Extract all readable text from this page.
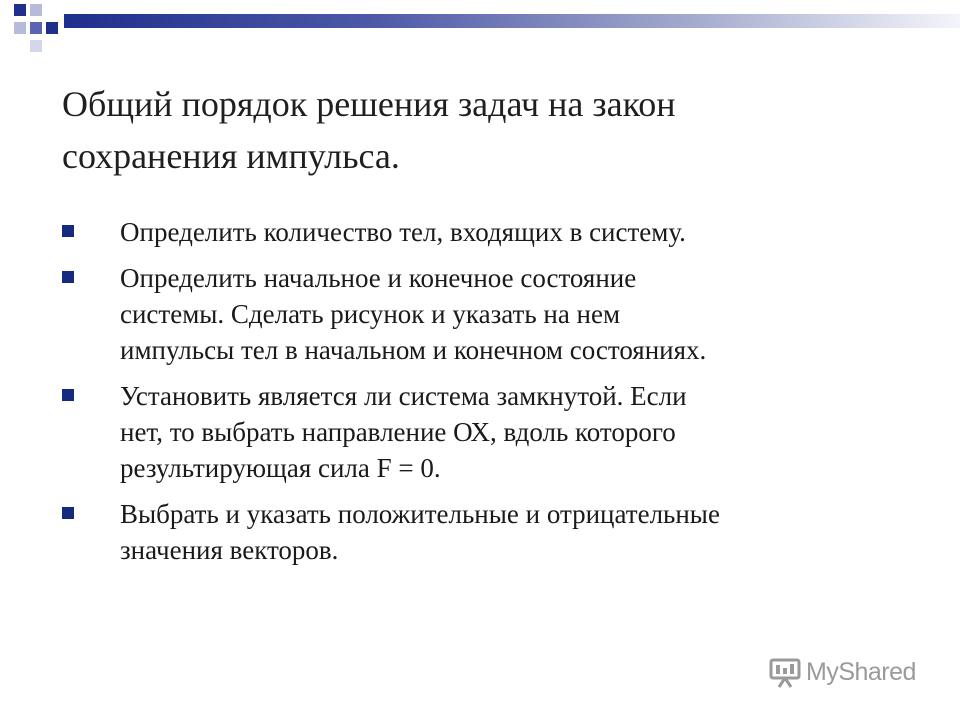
Общий порядок решения задач на закон
сохранения импульса.
Определить количество тел, входящих в систему.
Определить начальное и конечное состояние
системы. Сделать рисунок и указать на нем
импульсы тел в начальном и конечном состояниях.
Установить является ли система замкнутой. Если
нет, то выбрать направление ОХ, вдоль которого
результирующая сила F = 0.
Выбрать и указать положительные и отрицательные
значения векторов.
MyShared
